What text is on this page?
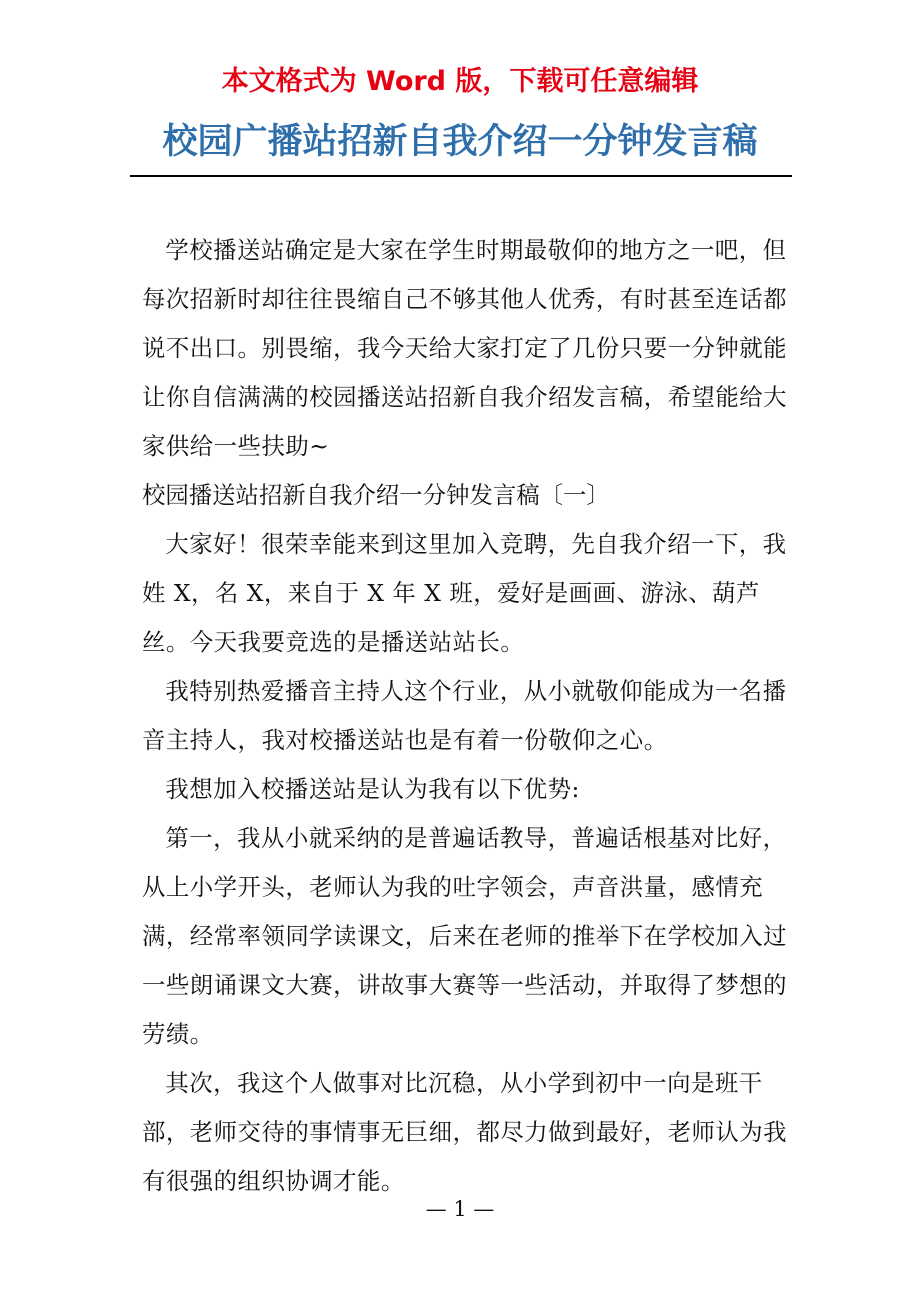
本文格式为 Word 版，下载可任意编辑
校园广播站招新自我介绍一分钟发言稿

学校播送站确定是大家在学生时期最敬仰的地方之一吧，但每次招新时却往往畏缩自己不够其他人优秀，有时甚至连话都说不出口。别畏缩，我今天给大家打定了几份只要一分钟就能让你自信满满的校园播送站招新自我介绍发言稿，希望能给大家供给一些扶助~

校园播送站招新自我介绍一分钟发言稿〔一〕

大家好！很荣幸能来到这里加入竞聘，先自我介绍一下，我姓 X，名 X，来自于 X 年 X 班，爱好是画画、游泳、葫芦丝。今天我要竞选的是播送站站长。

我特别热爱播音主持人这个行业，从小就敬仰能成为一名播音主持人，我对校播送站也是有着一份敬仰之心。

我想加入校播送站是认为我有以下优势:

第一，我从小就采纳的是普遍话教导，普遍话根基对比好，从上小学开头，老师认为我的吐字领会，声音洪量，感情充满，经常率领同学读课文，后来在老师的推举下在学校加入过一些朗诵课文大赛，讲故事大赛等一些活动，并取得了梦想的劳绩。

其次，我这个人做事对比沉稳，从小学到初中一向是班干部，老师交待的事情事无巨细，都尽力做到最好，老师认为我有很强的组织协调才能。

— 1 —
